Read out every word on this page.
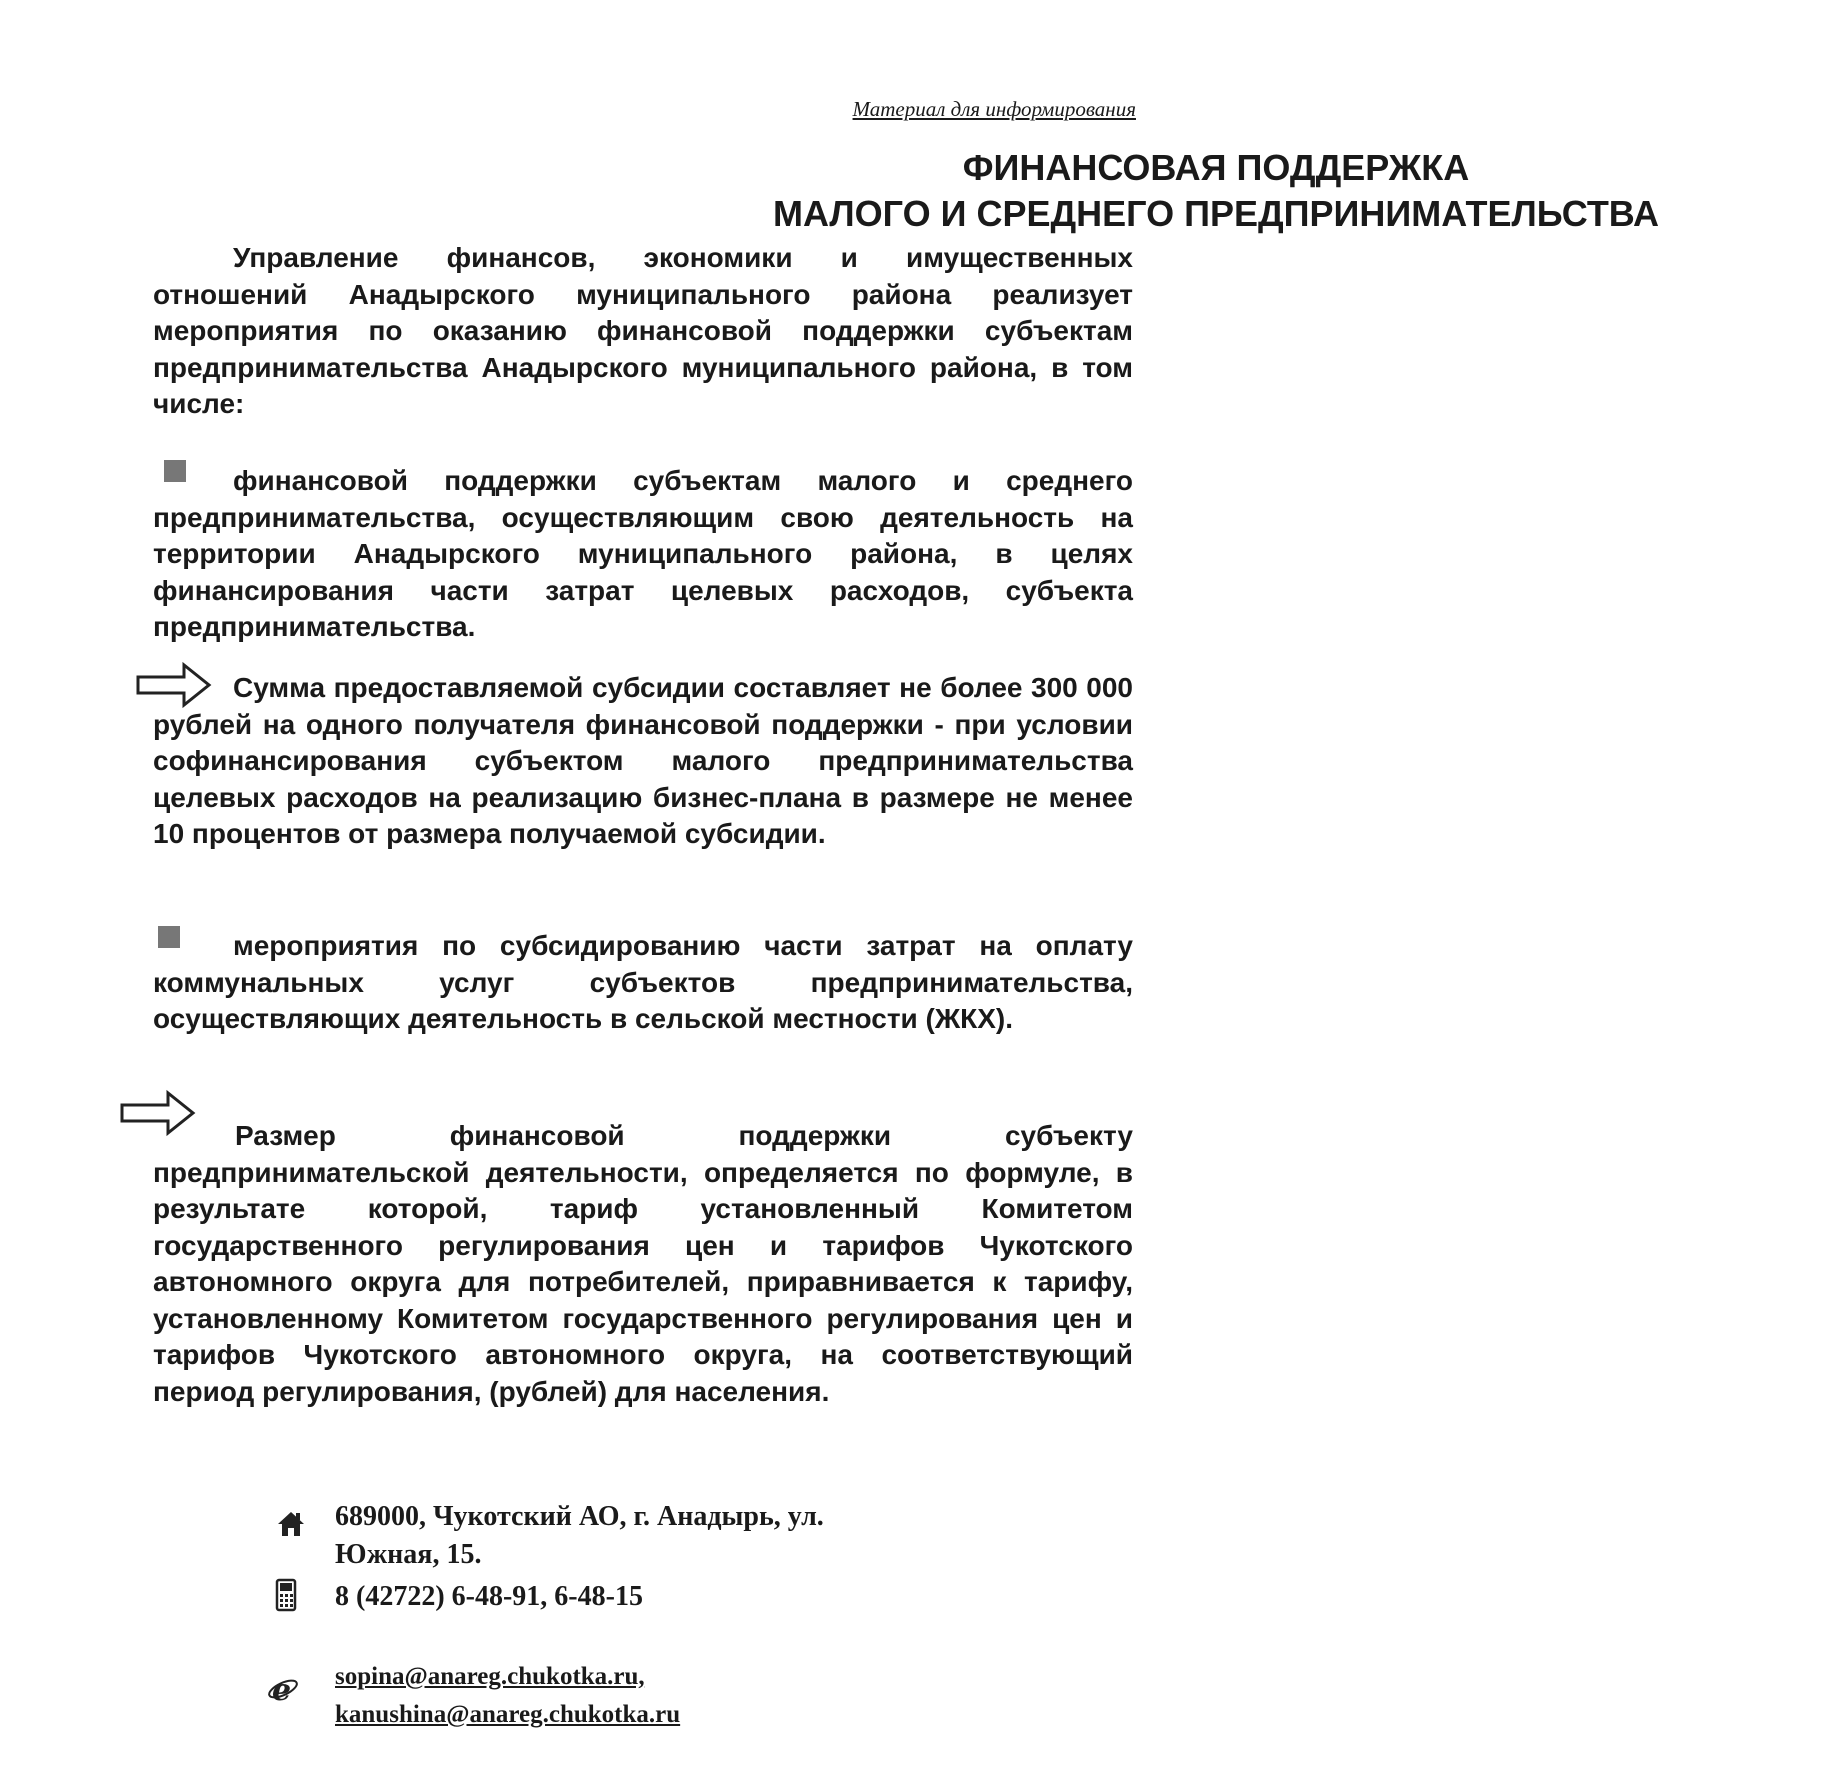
Материал для информирования
ФИНАНСОВАЯ ПОДДЕРЖКА
МАЛОГО И СРЕДНЕГО ПРЕДПРИНИМАТЕЛЬСТВА

Управление финансов, экономики и имущественных отношений Анадырского муниципального района реализует мероприятия по оказанию финансовой поддержки субъектам предпринимательства Анадырского муниципального района, в том числе:

финансовой поддержки субъектам малого и среднего предпринимательства, осуществляющим свою деятельность на территории Анадырского муниципального района, в целях финансирования части затрат целевых расходов, субъекта предпринимательства.

Сумма предоставляемой субсидии составляет не более 300 000 рублей на одного получателя финансовой поддержки - при условии софинансирования субъектом малого предпринимательства целевых расходов на реализацию бизнес-плана в размере не менее 10 процентов от размера получаемой субсидии.

мероприятия по субсидированию части затрат на оплату коммунальных услуг субъектов предпринимательства, осуществляющих деятельность в сельской местности (ЖКХ).

Размер финансовой поддержки субъекту предпринимательской деятельности, определяется по формуле, в результате которой, тариф установленный Комитетом государственного регулирования цен и тарифов Чукотского автономного округа для потребителей, приравнивается к тарифу, установленному Комитетом государственного регулирования цен и тарифов Чукотского автономного округа, на соответствующий период регулирования, (рублей) для населения.

689000, Чукотский АО, г. Анадырь, ул.
Южная, 15.
8 (42722) 6-48-91, 6-48-15
e sopina@anareg.chukotka.ru,
kanushina@anareg.chukotka.ru
